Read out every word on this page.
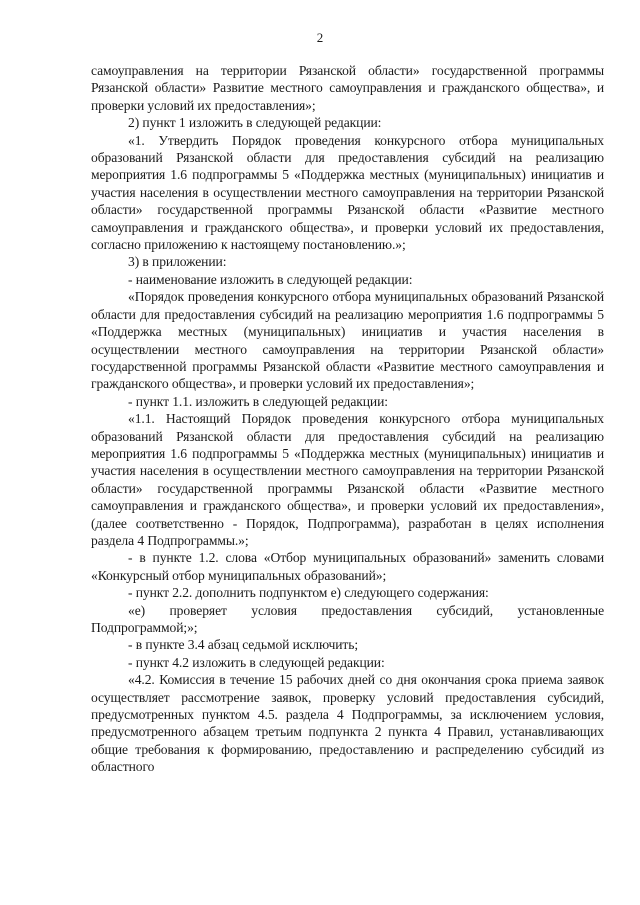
2

самоуправления на территории Рязанской области» государственной программы Рязанской области» Развитие местного самоуправления и гражданского общества», и проверки условий их предоставления»;

2) пункт 1 изложить в следующей редакции:

«1. Утвердить Порядок проведения конкурсного отбора муниципальных образований Рязанской области для предоставления субсидий на реализацию мероприятия 1.6 подпрограммы 5 «Поддержка местных (муниципальных) инициатив и участия населения в осуществлении местного самоуправления на территории Рязанской области» государственной программы Рязанской области «Развитие местного самоуправления и гражданского общества», и проверки условий их предоставления, согласно приложению к настоящему постановлению.»;

3) в приложении:

- наименование изложить в следующей редакции:

«Порядок проведения конкурсного отбора муниципальных образований Рязанской области для предоставления субсидий на реализацию мероприятия 1.6 подпрограммы 5 «Поддержка местных (муниципальных) инициатив и участия населения в осуществлении местного самоуправления на территории Рязанской области» государственной программы Рязанской области «Развитие местного самоуправления и гражданского общества», и проверки условий их предоставления»;

- пункт 1.1. изложить в следующей редакции:

«1.1. Настоящий Порядок проведения конкурсного отбора муниципальных образований Рязанской области для предоставления субсидий на реализацию мероприятия 1.6 подпрограммы 5 «Поддержка местных (муниципальных) инициатив и участия населения в осуществлении местного самоуправления на территории Рязанской области» государственной программы Рязанской области «Развитие местного самоуправления и гражданского общества», и проверки условий их предоставления», (далее соответственно - Порядок, Подпрограмма), разработан в целях исполнения раздела 4 Подпрограммы.»;

- в пункте 1.2. слова «Отбор муниципальных образований» заменить словами «Конкурсный отбор муниципальных образований»;

- пункт 2.2. дополнить подпунктом е) следующего содержания:

«е) проверяет условия предоставления субсидий, установленные Подпрограммой;»;

- в пункте 3.4 абзац седьмой исключить;

- пункт 4.2 изложить в следующей редакции:

«4.2. Комиссия в течение 15 рабочих дней со дня окончания срока приема заявок осуществляет рассмотрение заявок, проверку условий предоставления субсидий, предусмотренных пунктом 4.5. раздела 4 Подпрограммы, за исключением условия, предусмотренного абзацем третьим подпункта 2 пункта 4 Правил, устанавливающих общие требования к формированию, предоставлению и распределению субсидий из областного
